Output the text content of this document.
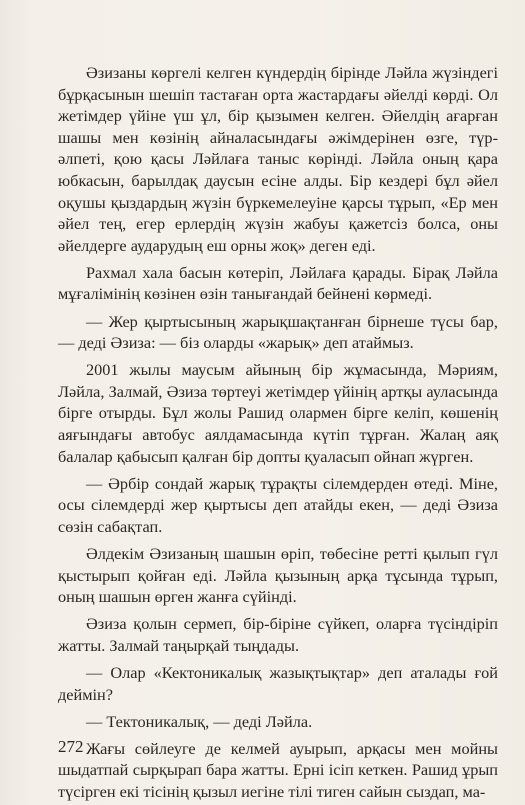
Әзизаны көргелі келген күндердің бірінде Ләйла жүзіндегі бұрқасынын шешіп тастаған орта жастардағы әйелді көрді. Ол жетімдер үйіне үш ұл, бір қызымен келген. Әйелдің ағарған шашы мен көзінің айналасындағы әжімдерінен өзге, түр-әлпеті, қою қасы Ләйлаға таныс көрінді. Ләйла оның қара юбкасын, барылдақ даусын есіне алды. Бір кездері бұл әйел оқушы қыздардың жүзін бүркемелеуіне қарсы тұрып, «Ер мен әйел тең, егер ерлердің жүзін жабуы қажетсіз болса, оны әйелдерге аударудың еш орны жоқ» деген еді.

Рахмал хала басын көтеріп, Ләйлаға қарады. Бірақ Ләйла мұғалімінің көзінен өзін танығандай бейнені көрмеді.

— Жер қыртысының жарықшақтанған бірнеше түсы бар, — деді Әзиза: — біз оларды «жарық» деп атаймыз.

2001 жылы маусым айының бір жұмасында, Мәриям, Ләйла, Залмай, Әзиза төртеуі жетімдер үйінің артқы ауласында бірге отырды. Бұл жолы Рашид олармен бірге келіп, көшенің аяғындағы автобус аялдамасында күтіп тұрған. Жалаң аяқ балалар қабысып қалған бір допты қуаласып ойнап жүрген.

— Әрбір сондай жарық тұрақты сілемдерден өтеді. Міне, осы сілемдерді жер қыртысы деп атайды екен, — деді Әзиза сөзін сабақтап.

Әлдекім Әзизаның шашын өріп, төбесіне ретті қылып гүл қыстырып қойған еді. Ләйла қызының арқа тұсында тұрып, оның шашын өрген жанға сүйінді.

Әзиза қолын сермеп, бір-біріне сүйкеп, оларға түсіндіріп жатты. Залмай таңырқай тыңдады.

— Олар «Кектоникалық жазықтықтар» деп аталады ғой деймін?

— Тектоникалық, — деді Ләйла.

Жағы сөйлеуге де келмей ауырып, арқасы мен мойны шыдатпай сырқырап бара жатты. Ерні ісіп кеткен. Рашид ұрып түсірген екі тісінің қызыл иегіне тілі тиген сайын сыздап, ма-

272
